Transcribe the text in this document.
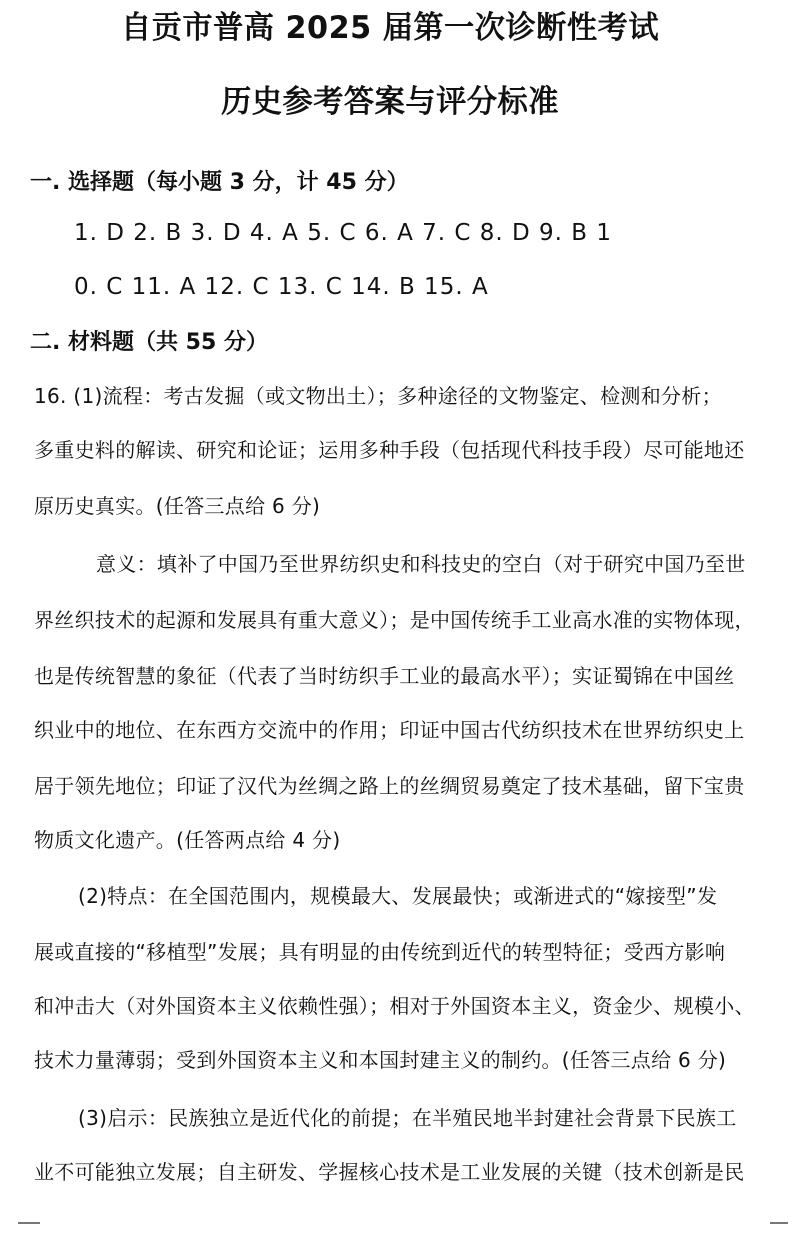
自贡市普高 2025 届第一次诊断性考试
历史参考答案与评分标准
一. 选择题（每小题 3 分，计 45 分）
1. D 2. B 3. D 4. A 5. C 6. A 7. C 8. D 9. B 1
0. C 11. A 12. C 13. C 14. B 15. A
二. 材料题（共 55 分）
16. (1)流程：考古发掘（或文物出土）；多种途径的文物鉴定、检测和分析；
多重史料的解读、研究和论证；运用多种手段（包括现代科技手段）尽可能地还
原历史真实。(任答三点给 6 分)
意义：填补了中国乃至世界纺织史和科技史的空白（对于研究中国乃至世
界丝织技术的起源和发展具有重大意义）；是中国传统手工业高水准的实物体现，
也是传统智慧的象征（代表了当时纺织手工业的最高水平）；实证蜀锦在中国丝
织业中的地位、在东西方交流中的作用；印证中国古代纺织技术在世界纺织史上
居于领先地位；印证了汉代为丝绸之路上的丝绸贸易奠定了技术基础，留下宝贵
物质文化遗产。(任答两点给 4 分)
(2)特点：在全国范围内，规模最大、发展最快；或渐进式的“嫁接型”发
展或直接的“移植型”发展；具有明显的由传统到近代的转型特征；受西方影响
和冲击大（对外国资本主义依赖性强）；相对于外国资本主义，资金少、规模小、
技术力量薄弱；受到外国资本主义和本国封建主义的制约。(任答三点给 6 分)
(3)启示：民族独立是近代化的前提；在半殖民地半封建社会背景下民族工
业不可能独立发展；自主研发、学握核心技术是工业发展的关键（技术创新是民
